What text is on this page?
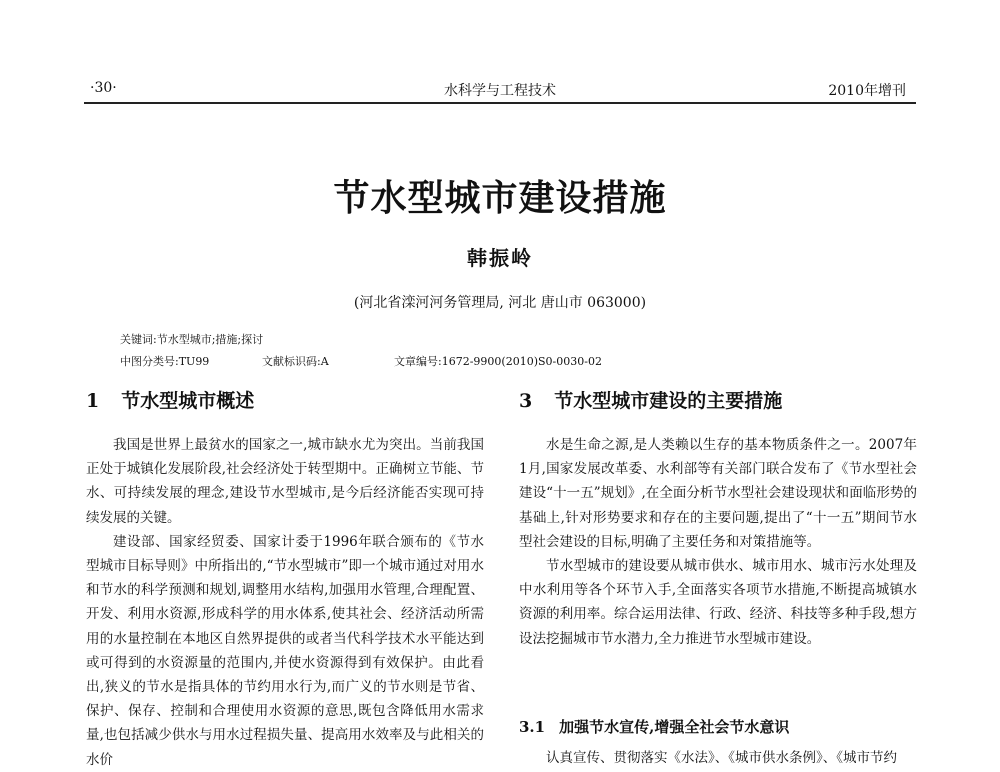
·30·	水科学与工程技术	2010年增刊
节水型城市建设措施
韩振岭
(河北省滦河河务管理局, 河北 唐山市 063000)
关键词:节水型城市;措施;探讨
中图分类号:TU99	文献标识码:A	文章编号:1672-9900(2010)S0-0030-02
1 节水型城市概述

我国是世界上最贫水的国家之一,城市缺水尤为突出。当前我国正处于城镇化发展阶段,社会经济处于转型期中。正确树立节能、节水、可持续发展的理念,建设节水型城市,是今后经济能否实现可持续发展的关键。

建设部、国家经贸委、国家计委于1996年联合颁布的《节水型城市目标导则》中所指出的,“节水型城市”即一个城市通过对用水和节水的科学预测和规划,调整用水结构,加强用水管理,合理配置、开发、利用水资源,形成科学的用水体系,使其社会、经济活动所需用的水量控制在本地区自然界提供的或者当代科学技术水平能达到或可得到的水资源量的范围内,并使水资源得到有效保护。由此看出,狭义的节水是指具体的节约用水行为,而广义的节水则是节省、保护、保存、控制和合理使用水资源的意思,既包含降低用水需求量,也包括减少供水与用水过程损失量、提高用水效率及与此相关的水价

3 节水型城市建设的主要措施

水是生命之源,是人类赖以生存的基本物质条件之一。2007年1月,国家发展改革委、水利部等有关部门联合发布了《节水型社会建设“十一五”规划》,在全面分析节水型社会建设现状和面临形势的基础上,针对形势要求和存在的主要问题,提出了“十一五”期间节水型社会建设的目标,明确了主要任务和对策措施等。

节水型城市的建设要从城市供水、城市用水、城市污水处理及中水利用等各个环节入手,全面落实各项节水措施,不断提高城镇水资源的利用率。综合运用法律、行政、经济、科技等多种手段,想方设法挖掘城市节水潜力,全力推进节水型城市建设。

3.1 加强节水宣传,增强全社会节水意识

认真宣传、贯彻落实《水法》、《城市供水条例》、《城市节约
